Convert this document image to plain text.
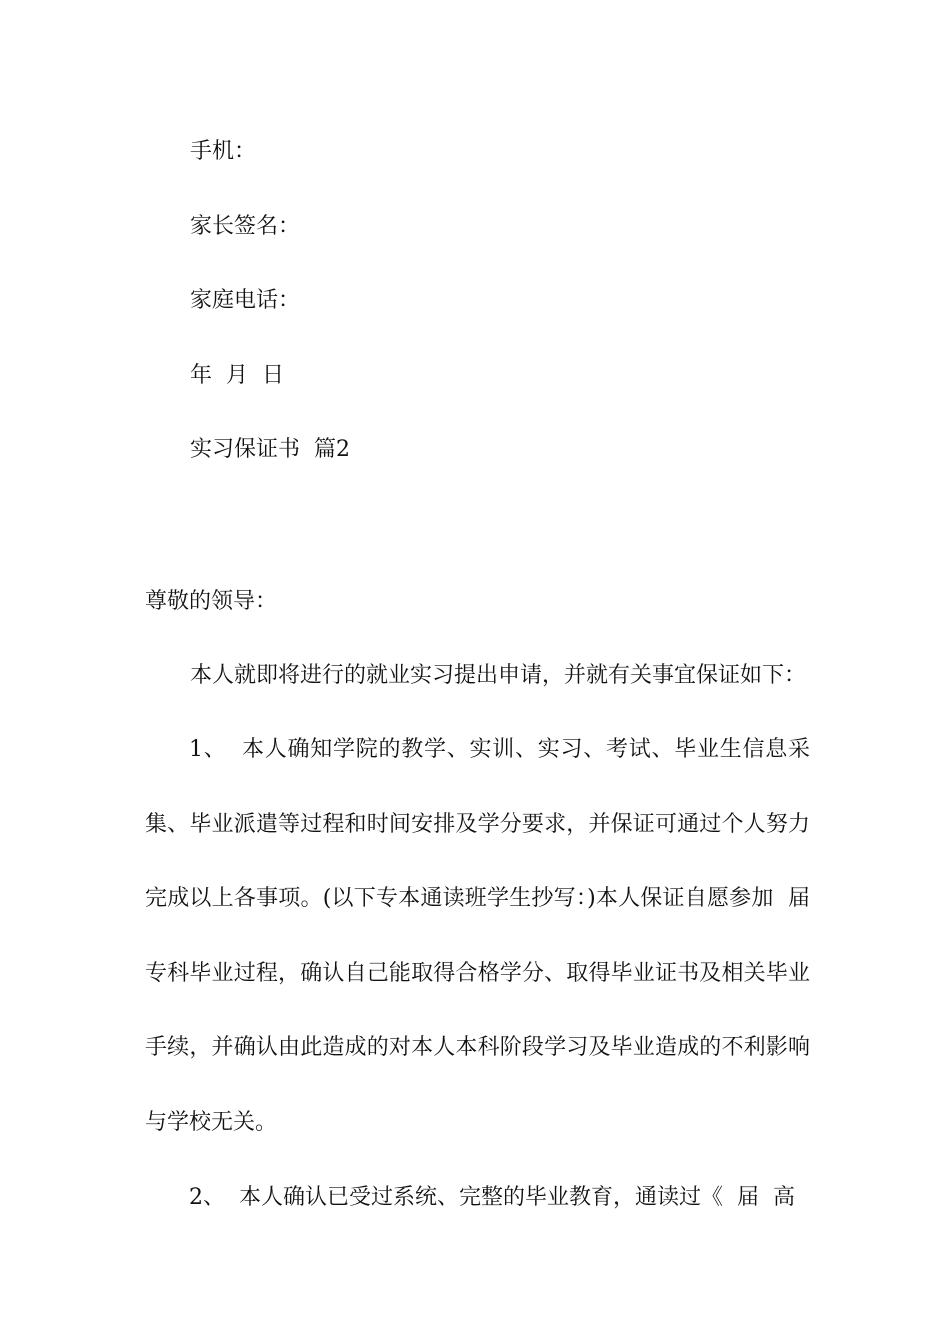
手机：
家长签名：
家庭电话：
年  月  日
实习保证书  篇2
尊敬的领导：
本人就即将进行的就业实习提出申请，并就有关事宜保证如下：

1、  本人确知学院的教学、实训、实习、考试、毕业生信息采集、毕业派遣等过程和时间安排及学分要求，并保证可通过个人努力完成以上各事项。(以下专本通读班学生抄写：)本人保证自愿参加  届专科毕业过程，确认自己能取得合格学分、取得毕业证书及相关毕业手续，并确认由此造成的对本人本科阶段学习及毕业造成的不利影响与学校无关。

2、  本人确认已受过系统、完整的毕业教育，通读过《  届  高
